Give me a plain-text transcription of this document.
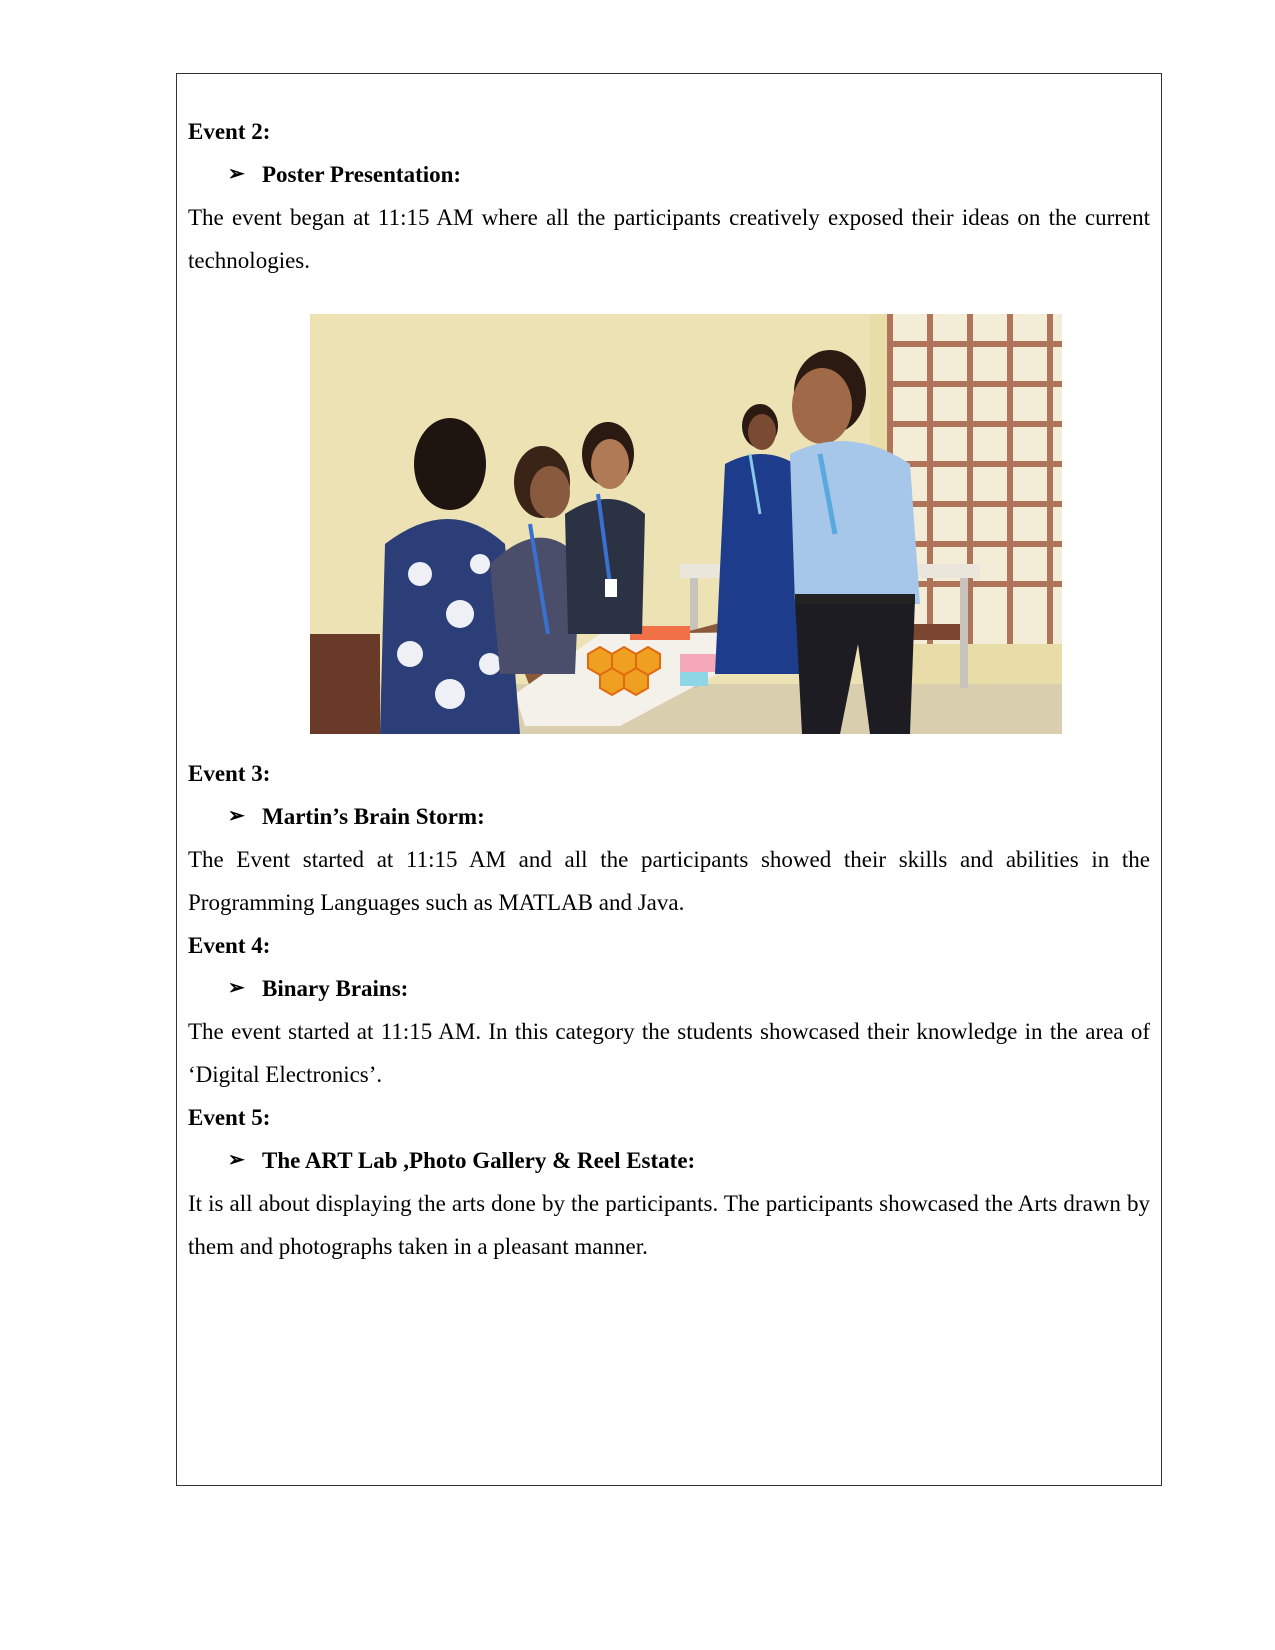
Event 2:

➢ Poster Presentation:

The event began at 11:15 AM where all the participants creatively exposed their ideas on the current technologies.

Event 3:

➢ Martin’s Brain Storm:

The Event started at 11:15 AM and all the participants showed their skills and abilities in the Programming Languages such as MATLAB and Java.

Event 4:

➢ Binary Brains:

The event started at 11:15 AM. In this category the students showcased their knowledge in the area of ‘Digital Electronics’.

Event 5:

➢ The ART Lab ,Photo Gallery & Reel Estate:

It is all about displaying the arts done by the participants. The participants showcased the Arts drawn by them and photographs taken in a pleasant manner.
